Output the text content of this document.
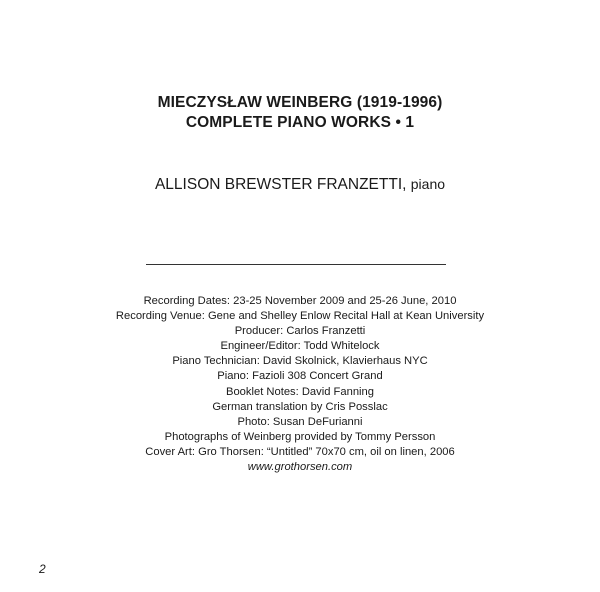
MIECZYSŁAW WEINBERG (1919-1996)

COMPLETE PIANO WORKS • 1

ALLISON BREWSTER FRANZETTI, piano

Recording Dates: 23-25 November 2009 and 25-26 June, 2010

Recording Venue: Gene and Shelley Enlow Recital Hall at Kean University

Producer: Carlos Franzetti

Engineer/Editor: Todd Whitelock

Piano Technician: David Skolnick, Klavierhaus NYC

Piano: Fazioli 308 Concert Grand

Booklet Notes: David Fanning

German translation by Cris Posslac

Photo: Susan DeFurianni

Photographs of Weinberg provided by Tommy Persson

Cover Art: Gro Thorsen: “Untitled” 70x70 cm, oil on linen, 2006

www.grothorsen.com

2
